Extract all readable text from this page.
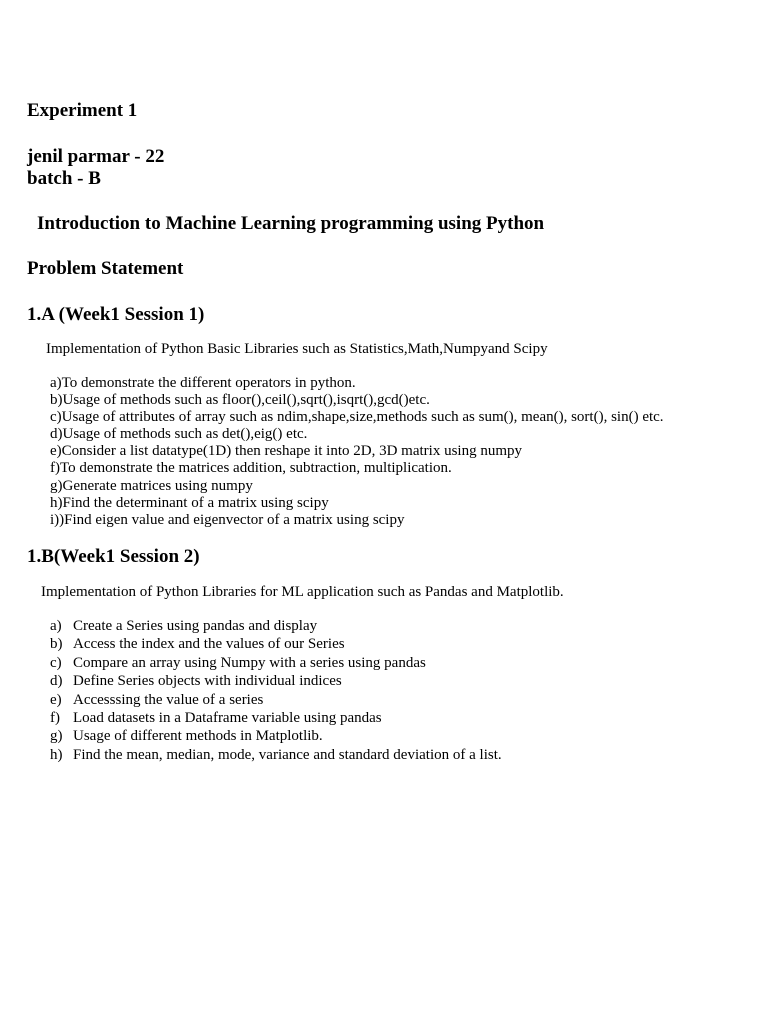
Experiment 1
jenil parmar - 22
batch - B
Introduction to Machine Learning programming using Python
Problem Statement
1.A (Week1 Session 1)
Implementation of Python Basic Libraries such as Statistics,Math,Numpyand Scipy
a)To demonstrate the different operators in python.
b)Usage of methods such as floor(),ceil(),sqrt(),isqrt(),gcd()etc.
c)Usage of attributes of array such as ndim,shape,size,methods such as sum(), mean(), sort(), sin() etc.
d)Usage of methods such as det(),eig() etc.
e)Consider a list datatype(1D) then reshape it into 2D, 3D matrix using numpy
f)To demonstrate the matrices addition, subtraction, multiplication.
g)Generate matrices using numpy
h)Find the determinant of a matrix using scipy
i))Find eigen value and eigenvector of a matrix using scipy
1.B(Week1 Session 2)
Implementation of Python Libraries for ML application such as Pandas and Matplotlib.
a) Create a Series using pandas and display
b) Access the index and the values of our Series
c) Compare an array using Numpy with a series using pandas
d) Define Series objects with individual indices
e) Accesssing the value of a series
f) Load datasets in a Dataframe variable using pandas
g) Usage of different methods in Matplotlib.
h) Find the mean, median, mode, variance and standard deviation of a list.
